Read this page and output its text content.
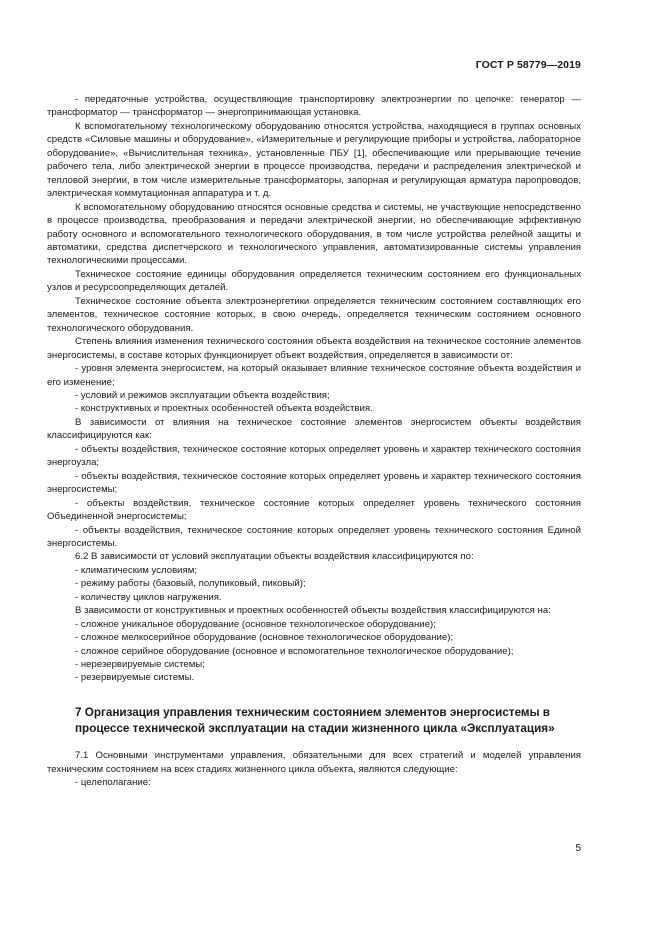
ГОСТ Р 58779—2019

- передаточные устройства, осуществляющие транспортировку электроэнергии по цепочке: генератор — трансформатор — трансформатор — энергопринимающая установка.

К вспомогательному технологическому оборудованию относятся устройства, находящиеся в группах основных средств «Силовые машины и оборудование», «Измерительные и регулирующие приборы и устройства, лабораторное оборудование», «Вычислительная техника», установленные ПБУ [1], обеспечивающие или прерывающие течение рабочего тела, либо электрической энергии в процессе производства, передачи и распределения электрической и тепловой энергии, в том числе измерительные трансформаторы, запорная и регулирующая арматура паропроводов, электрическая коммутационная аппаратура и т. д.

К вспомогательному оборудованию относятся основные средства и системы, не участвующие непосредственно в процессе производства, преобразования и передачи электрической энергии, но обеспечивающие эффективную работу основного и вспомогательного технологического оборудования, в том числе устройства релейной защиты и автоматики, средства диспетчерского и технологического управления, автоматизированные системы управления технологическими процессами.

Техническое состояние единицы оборудования определяется техническим состоянием его функциональных узлов и ресурсоопределяющих деталей.

Техническое состояние объекта электроэнергетики определяется техническим состоянием составляющих его элементов, техническое состояние которых, в свою очередь, определяется техническим состоянием основного технологического оборудования.

Степень влияния изменения технического состояния объекта воздействия на техническое состояние элементов энергосистемы, в составе которых функционирует объект воздействия, определяется в зависимости от:

- уровня элемента энергосистем, на который оказывает влияние техническое состояние объекта воздействия и его изменение;

- условий и режимов эксплуатации объекта воздействия;

- конструктивных и проектных особенностей объекта воздействия.

В зависимости от влияния на техническое состояние элементов энергосистем объекты воздействия классифицируются как:

- объекты воздействия, техническое состояние которых определяет уровень и характер технического состояния энергоузла;

- объекты воздействия, техническое состояние которых определяет уровень и характер технического состояния энергосистемы;

- объекты воздействия, техническое состояние которых определяет уровень технического состояния Объединенной энергосистемы;

- объекты воздействия, техническое состояние которых определяет уровень технического состояния Единой энергосистемы.

6.2 В зависимости от условий эксплуатации объекты воздействия классифицируются по:

- климатическим условиям;

- режиму работы (базовый, полупиковый, пиковый);

- количеству циклов нагружения.

В зависимости от конструктивных и проектных особенностей объекты воздействия классифицируются на:

- сложное уникальное оборудование (основное технологическое оборудование);

- сложное мелкосерийное оборудование (основное технологическое оборудование);

- сложное серийное оборудование (основное и вспомогательное технологическое оборудование);

- нерезервируемые системы;

- резервируемые системы.

7 Организация управления техническим состоянием элементов энергосистемы в процессе технической эксплуатации на стадии жизненного цикла «Эксплуатация»

7.1 Основными инструментами управления, обязательными для всех стратегий и моделей управления техническим состоянием на всех стадиях жизненного цикла объекта, являются следующие:

- целеполагание:

5
